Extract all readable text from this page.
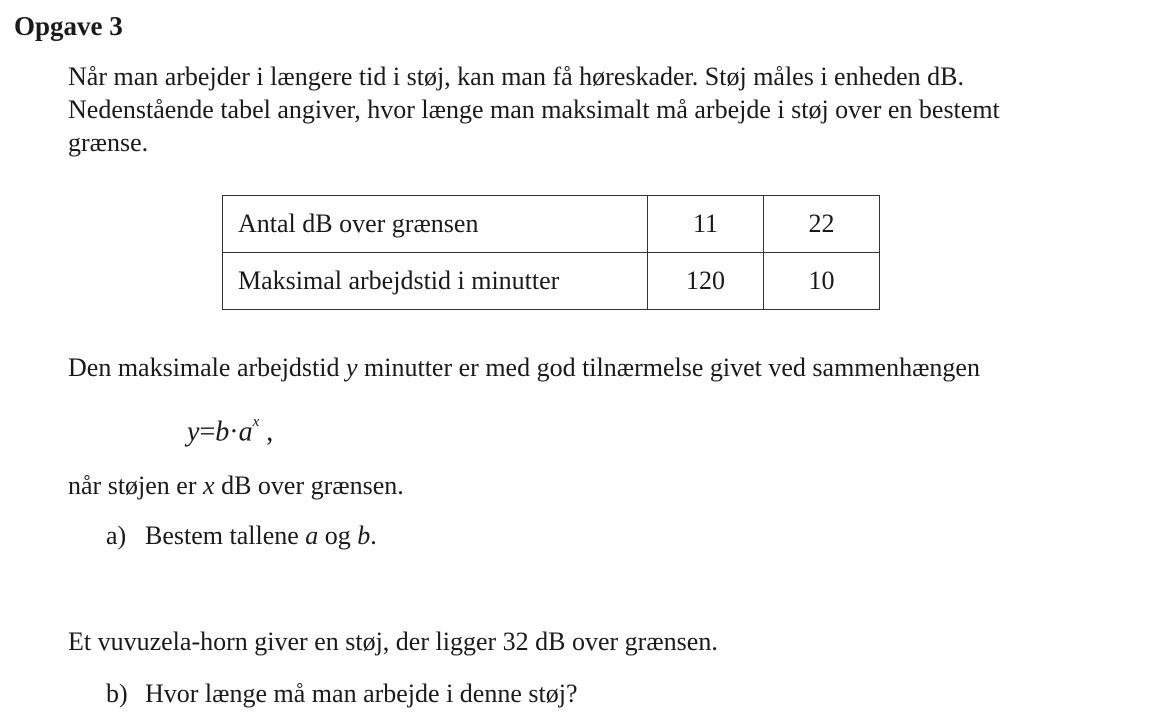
Opgave 3
Når man arbejder i længere tid i støj, kan man få høreskader. Støj måles i enheden dB.
Nedenstående tabel angiver, hvor længe man maksimalt må arbejde i støj over en bestemt
grænse.
Antal dB over grænsen	11	22
Maksimal arbejdstid i minutter	120	10
Den maksimale arbejdstid y minutter er med god tilnærmelse givet ved sammenhængen
$y=b\cdot a^x$ ,
når støjen er x dB over grænsen.
a) Bestem tallene a og b.
Et vuvuzela-horn giver en støj, der ligger 32 dB over grænsen.
b) Hvor længe må man arbejde i denne støj?
